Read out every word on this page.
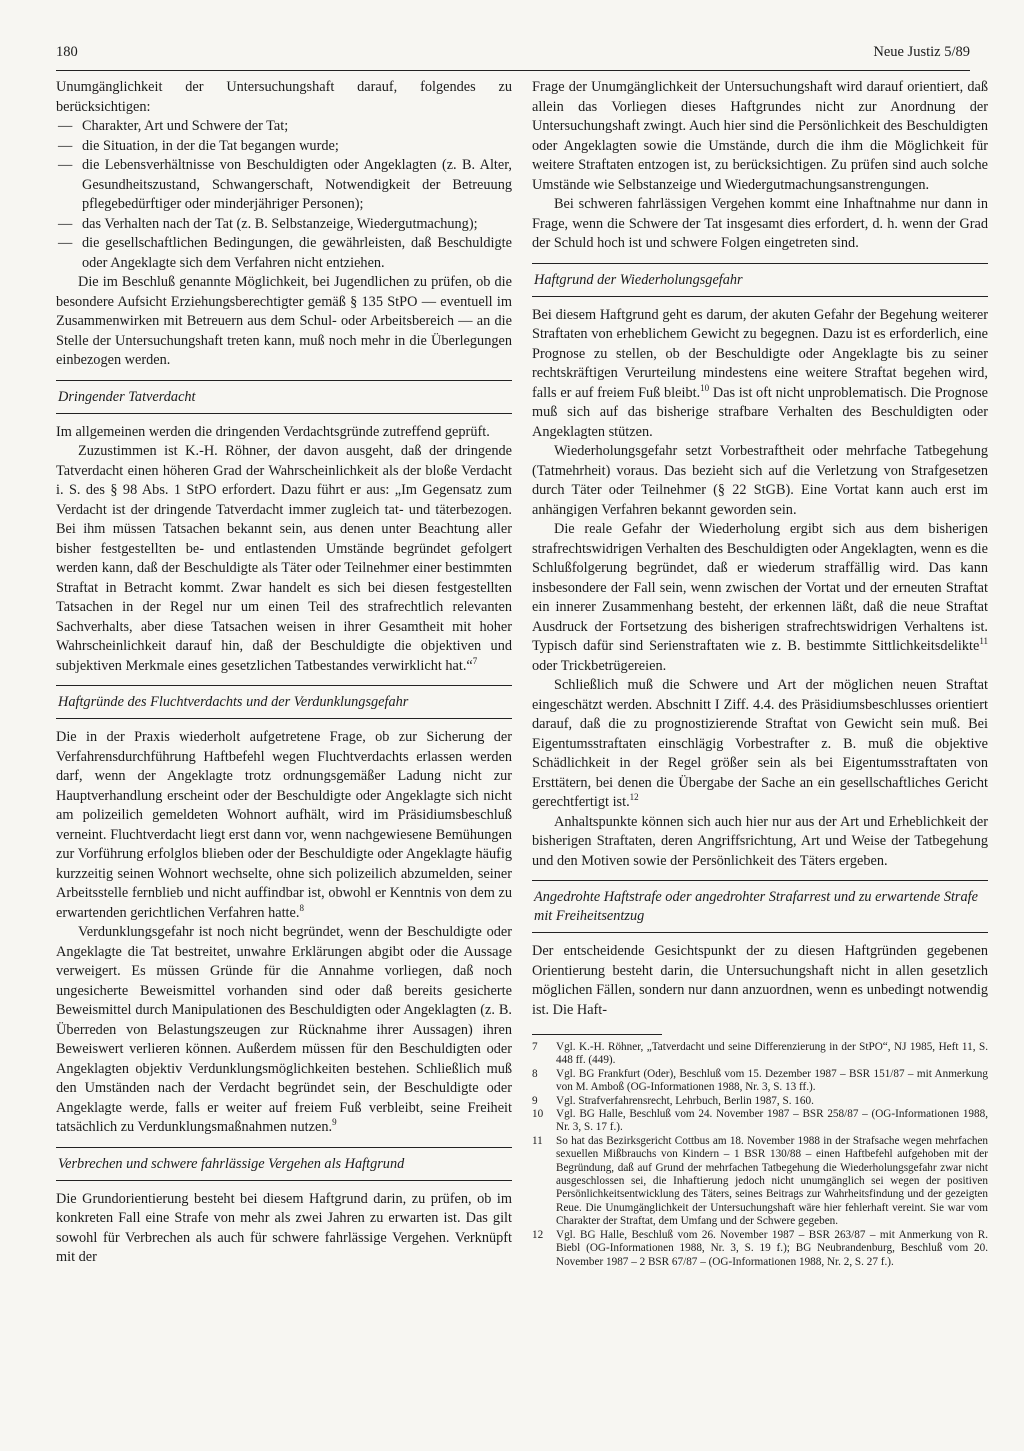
180	Neue Justiz 5/89

Unumgänglichkeit der Untersuchungshaft darauf, folgendes zu berücksichtigen:

— Charakter, Art und Schwere der Tat;
— die Situation, in der die Tat begangen wurde;
— die Lebensverhältnisse von Beschuldigten oder Angeklagten (z. B. Alter, Gesundheitszustand, Schwangerschaft, Notwendigkeit der Betreuung pflegebedürftiger oder minderjähriger Personen);
— das Verhalten nach der Tat (z. B. Selbstanzeige, Wiedergutmachung);
— die gesellschaftlichen Bedingungen, die gewährleisten, daß Beschuldigte oder Angeklagte sich dem Verfahren nicht entziehen.

Die im Beschluß genannte Möglichkeit, bei Jugendlichen zu prüfen, ob die besondere Aufsicht Erziehungsberechtigter gemäß § 135 StPO — eventuell im Zusammenwirken mit Betreuern aus dem Schul- oder Arbeitsbereich — an die Stelle der Untersuchungshaft treten kann, muß noch mehr in die Überlegungen einbezogen werden.

Dringender Tatverdacht

Im allgemeinen werden die dringenden Verdachtsgründe zutreffend geprüft.

Zuzustimmen ist K.-H. Röhner, der davon ausgeht, daß der dringende Tatverdacht einen höheren Grad der Wahrscheinlichkeit als der bloße Verdacht i. S. des § 98 Abs. 1 StPO erfordert. Dazu führt er aus: „Im Gegensatz zum Verdacht ist der dringende Tatverdacht immer zugleich tat- und täterbezogen. Bei ihm müssen Tatsachen bekannt sein, aus denen unter Beachtung aller bisher festgestellten be- und entlastenden Umstände begründet gefolgert werden kann, daß der Beschuldigte als Täter oder Teilnehmer einer bestimmten Straftat in Betracht kommt. Zwar handelt es sich bei diesen festgestellten Tatsachen in der Regel nur um einen Teil des strafrechtlich relevanten Sachverhalts, aber diese Tatsachen weisen in ihrer Gesamtheit mit hoher Wahrscheinlichkeit darauf hin, daß der Beschuldigte die objektiven und subjektiven Merkmale eines gesetzlichen Tatbestandes verwirklicht hat.“$^7$

Haftgründe des Fluchtverdachts und der Verdunklungsgefahr

Die in der Praxis wiederholt aufgetretene Frage, ob zur Sicherung der Verfahrensdurchführung Haftbefehl wegen Fluchtverdachts erlassen werden darf, wenn der Angeklagte trotz ordnungsgemäßer Ladung nicht zur Hauptverhandlung erscheint oder der Beschuldigte oder Angeklagte sich nicht am polizeilich gemeldeten Wohnort aufhält, wird im Präsidiumsbeschluß verneint. Fluchtverdacht liegt erst dann vor, wenn nachgewiesene Bemühungen zur Vorführung erfolglos blieben oder der Beschuldigte oder Angeklagte häufig kurzzeitig seinen Wohnort wechselte, ohne sich polizeilich abzumelden, seiner Arbeitsstelle fernblieb und nicht auffindbar ist, obwohl er Kenntnis von dem zu erwartenden gerichtlichen Verfahren hatte.$^8$

Verdunklungsgefahr ist noch nicht begründet, wenn der Beschuldigte oder Angeklagte die Tat bestreitet, unwahre Erklärungen abgibt oder die Aussage verweigert. Es müssen Gründe für die Annahme vorliegen, daß noch ungesicherte Beweismittel vorhanden sind oder daß bereits gesicherte Beweismittel durch Manipulationen des Beschuldigten oder Angeklagten (z. B. Überreden von Belastungszeugen zur Rücknahme ihrer Aussagen) ihren Beweiswert verlieren können. Außerdem müssen für den Beschuldigten oder Angeklagten objektiv Verdunklungsmöglichkeiten bestehen. Schließlich muß den Umständen nach der Verdacht begründet sein, der Beschuldigte oder Angeklagte werde, falls er weiter auf freiem Fuß verbleibt, seine Freiheit tatsächlich zu Verdunklungsmaßnahmen nutzen.$^9$

Verbrechen und schwere fahrlässige Vergehen als Haftgrund

Die Grundorientierung besteht bei diesem Haftgrund darin, zu prüfen, ob im konkreten Fall eine Strafe von mehr als zwei Jahren zu erwarten ist. Das gilt sowohl für Verbrechen als auch für schwere fahrlässige Vergehen. Verknüpft mit der

Frage der Unumgänglichkeit der Untersuchungshaft wird darauf orientiert, daß allein das Vorliegen dieses Haftgrundes nicht zur Anordnung der Untersuchungshaft zwingt. Auch hier sind die Persönlichkeit des Beschuldigten oder Angeklagten sowie die Umstände, durch die ihm die Möglichkeit für weitere Straftaten entzogen ist, zu berücksichtigen. Zu prüfen sind auch solche Umstände wie Selbstanzeige und Wiedergutmachungsanstrengungen.

Bei schweren fahrlässigen Vergehen kommt eine Inhaftnahme nur dann in Frage, wenn die Schwere der Tat insgesamt dies erfordert, d. h. wenn der Grad der Schuld hoch ist und schwere Folgen eingetreten sind.

Haftgrund der Wiederholungsgefahr

Bei diesem Haftgrund geht es darum, der akuten Gefahr der Begehung weiterer Straftaten von erheblichem Gewicht zu begegnen. Dazu ist es erforderlich, eine Prognose zu stellen, ob der Beschuldigte oder Angeklagte bis zu seiner rechtskräftigen Verurteilung mindestens eine weitere Straftat begehen wird, falls er auf freiem Fuß bleibt.$^{10}$ Das ist oft nicht unproblematisch. Die Prognose muß sich auf das bisherige strafbare Verhalten des Beschuldigten oder Angeklagten stützen.

Wiederholungsgefahr setzt Vorbestraftheit oder mehrfache Tatbegehung (Tatmehrheit) voraus. Das bezieht sich auf die Verletzung von Strafgesetzen durch Täter oder Teilnehmer (§ 22 StGB). Eine Vortat kann auch erst im anhängigen Verfahren bekannt geworden sein.

Die reale Gefahr der Wiederholung ergibt sich aus dem bisherigen strafrechtswidrigen Verhalten des Beschuldigten oder Angeklagten, wenn es die Schlußfolgerung begründet, daß er wiederum straffällig wird. Das kann insbesondere der Fall sein, wenn zwischen der Vortat und der erneuten Straftat ein innerer Zusammenhang besteht, der erkennen läßt, daß die neue Straftat Ausdruck der Fortsetzung des bisherigen strafrechtswidrigen Verhaltens ist. Typisch dafür sind Serienstraftaten wie z. B. bestimmte Sittlichkeitsdelikte$^{11}$ oder Trickbetrügereien.

Schließlich muß die Schwere und Art der möglichen neuen Straftat eingeschätzt werden. Abschnitt I Ziff. 4.4. des Präsidiumsbeschlusses orientiert darauf, daß die zu prognostizierende Straftat von Gewicht sein muß. Bei Eigentumsstraftaten einschlägig Vorbestrafter z. B. muß die objektive Schädlichkeit in der Regel größer sein als bei Eigentumsstraftaten von Ersttätern, bei denen die Übergabe der Sache an ein gesellschaftliches Gericht gerechtfertigt ist.$^{12}$

Anhaltspunkte können sich auch hier nur aus der Art und Erheblichkeit der bisherigen Straftaten, deren Angriffsrichtung, Art und Weise der Tatbegehung und den Motiven sowie der Persönlichkeit des Täters ergeben.

Angedrohte Haftstrafe oder angedrohter Strafarrest und zu erwartende Strafe mit Freiheitsentzug

Der entscheidende Gesichtspunkt der zu diesen Haftgründen gegebenen Orientierung besteht darin, die Untersuchungshaft nicht in allen gesetzlich möglichen Fällen, sondern nur dann anzuordnen, wenn es unbedingt notwendig ist. Die Haft-

7	Vgl. K.-H. Röhner, „Tatverdacht und seine Differenzierung in der StPO“, NJ 1985, Heft 11, S. 448 ff. (449).
8	Vgl. BG Frankfurt (Oder), Beschluß vom 15. Dezember 1987 – BSR 151/87 – mit Anmerkung von M. Amboß (OG-Informationen 1988, Nr. 3, S. 13 ff.).
9	Vgl. Strafverfahrensrecht, Lehrbuch, Berlin 1987, S. 160.
10	Vgl. BG Halle, Beschluß vom 24. November 1987 – BSR 258/87 – (OG-Informationen 1988, Nr. 3, S. 17 f.).
11	So hat das Bezirksgericht Cottbus am 18. November 1988 in der Strafsache wegen mehrfachen sexuellen Mißbrauchs von Kindern – 1 BSR 130/88 – einen Haftbefehl aufgehoben mit der Begründung, daß auf Grund der mehrfachen Tatbegehung die Wiederholungsgefahr zwar nicht ausgeschlossen sei, die Inhaftierung jedoch nicht unumgänglich sei wegen der positiven Persönlichkeitsentwicklung des Täters, seines Beitrags zur Wahrheitsfindung und der gezeigten Reue. Die Unumgänglichkeit der Untersuchungshaft wäre hier fehlerhaft vereint. Sie war vom Charakter der Straftat, dem Umfang und der Schwere gegeben.
12	Vgl. BG Halle, Beschluß vom 26. November 1987 – BSR 263/87 – mit Anmerkung von R. Biebl (OG-Informationen 1988, Nr. 3, S. 19 f.); BG Neubrandenburg, Beschluß vom 20. November 1987 – 2 BSR 67/87 – (OG-Informationen 1988, Nr. 2, S. 27 f.).
